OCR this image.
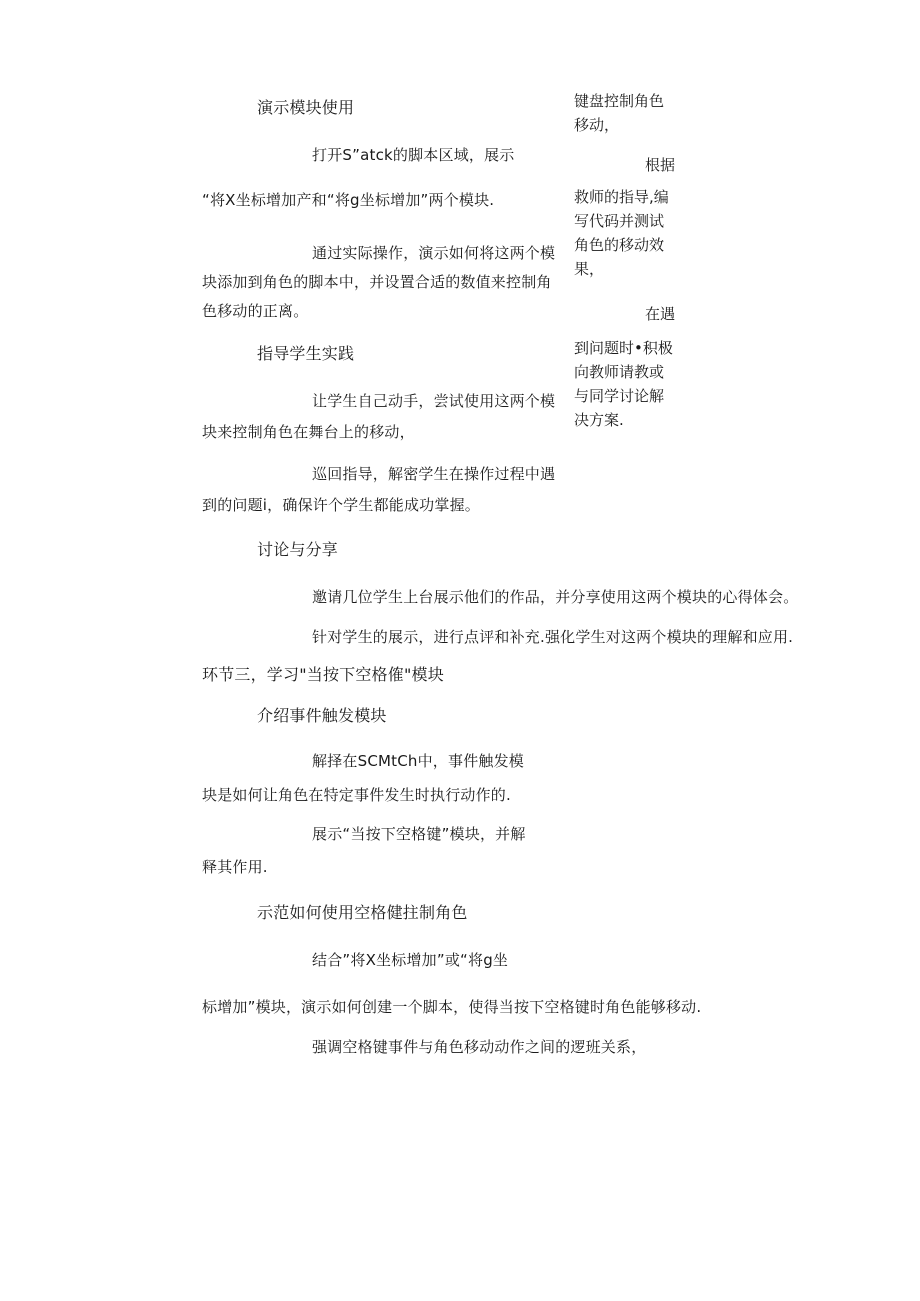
演示模块使用
打开S”atck的脚本区域，展示
“将X坐标增加产和“将g坐标增加”两个模块.
通过实际操作，演示如何将这两个模
块添加到角色的脚本中，并设置合适的数值来控制角
色移动的正离。
指导学生实践
让学生自己动手，尝试使用这两个模
块来控制角色在舞台上的移动，
巡回指导，解密学生在操作过程中遇
到的问题i，确保许个学生都能成功掌握。
讨论与分享
邀请几位学生上台展示他们的作品，并分享使用这两个模块的心得体会。
针对学生的展示，进行点评和补充.强化学生对这两个模块的理解和应用.
环节三，学习"当按下空格傕"模块
介绍事件触发模块
解择在SCMtCh中，事件触发模
块是如何让角色在特定事件发生时执行动作的.
展示“当按下空格键”模块，并解
释其作用.
示范如何使用空格健拄制角色
结合”将X坐标增加”或“将g坐
标增加”模块，演示如何创建一个脚本，使得当按下空格键时角色能够移动.
强调空格键事件与角色移动动作之间的逻班关系，
键盘控制角色
移动，
根据
救师的指导,编
写代码并测试
角色的移动效
果，
在遇
到问题时•积极
向教师请教或
与同学讨论解
决方案.
